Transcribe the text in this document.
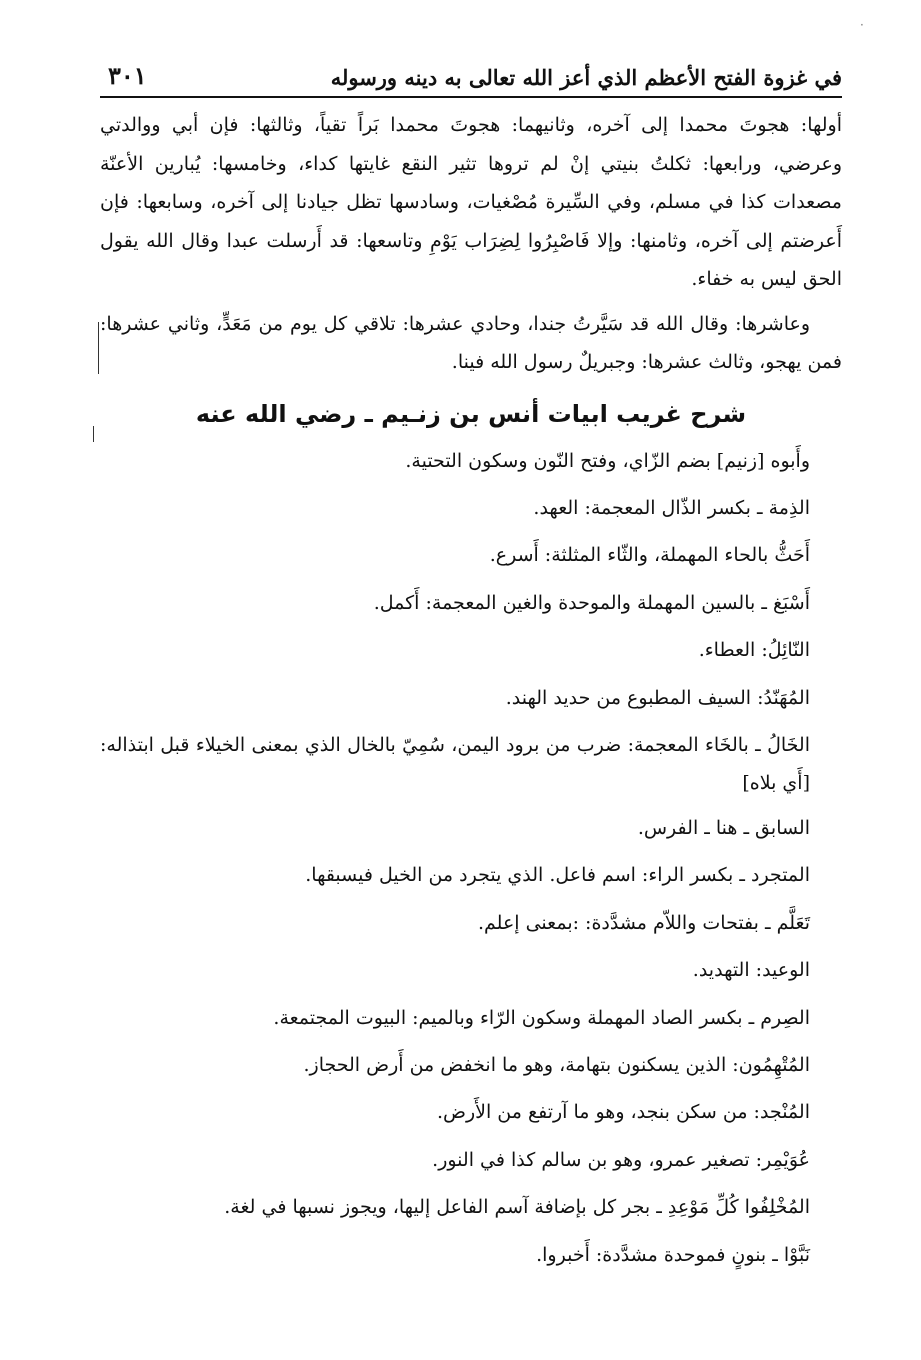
·
في غزوة الفتح الأعظم الذي أعز الله تعالى به دينه ورسوله
٣٠١

أولها: هجوتَ محمدا إلى آخره، وثانيهما: هجوتَ محمدا بَراً تقياً، وثالثها: فإن أبي ووالدتي وعرضي، ورابعها: ثكلتُ بنيتي إنْ لم تروها تثير النقع غايتها كداء، وخامسها: يُبارين الأعنّة مصعدات كذا في مسلم، وفي السِّيرة مُصْغيات، وسادسها تظل جيادنا إلى آخره، وسابعها: فإن أَعرضتم إلى آخره، وثامنها: وإلا فَاصْبِرُوا لِضِرَاب يَوْمِ وتاسعها: قد أَرسلت عبدا وقال الله يقول الحق ليس به خفاء.

وعاشرها: وقال الله قد سَيَّرتُ جندا، وحادي عشرها: تلاقي كل يوم من مَعَدٍّ، وثاني عشرها: فمن يهجو، وثالث عشرها: وجبريلٌ رسول الله فينا.

شرح غريب ابيات أنس بن زنـيم ـ رضي الله عنه

وأَبوه [زنيم] بضم الزّاي، وفتح النّون وسكون التحتية.

الذِمة ـ بكسر الذّال المعجمة: العهد.

أَحَثُّ بالحاء المهملة، والثّاء المثلثة: أَسرع.

أَسْبَغ ـ بالسين المهملة والموحدة والغين المعجمة: أَكمل.

النّائِلُ: العطاء.

المُهَنّدُ: السيف المطبوع من حديد الهند.

الخَالُ ـ بالخَاء المعجمة: ضرب من برود اليمن، سُمِيّ بالخال الذي بمعنى الخيلاء قبل ابتذاله: [أَي بلاه]

السابق ـ هنا ـ الفرس.

المتجرد ـ بكسر الراء: اسم فاعل. الذي يتجرد من الخيل فيسبقها.

تَعَلَّم ـ بفتحات واللاّم مشدَّدة: :بمعنى إعلم.

الوعيد: التهديد.

الصِرم ـ بكسر الصاد المهملة وسكون الرّاء وبالميم: البيوت المجتمعة.

المُتْهِمُون: الذين يسكنون بتهامة، وهو ما انخفض من أَرض الحجاز.

المُنْجد: من سكن بنجد، وهو ما آرتفع من الأَرض.

عُوَيْمِر: تصغير عمرو، وهو بن سالم كذا في النور.

المُخْلِفُوا كُلِّ مَوْعِدِ ـ بجر كل بإضافة آسم الفاعل إليها، ويجوز نسبها في لغة.

نَبَّوْا ـ بنونٍ فموحدة مشدَّدة: أَخبروا.
